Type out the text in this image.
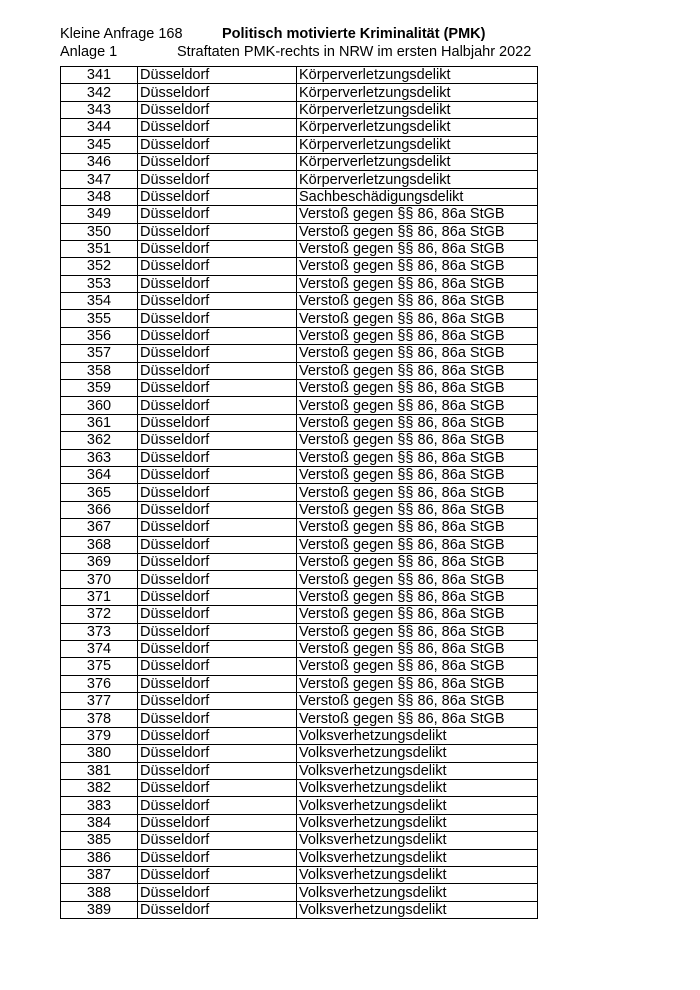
Kleine Anfrage 168
Anlage 1
Politisch motivierte Kriminalität (PMK)
Straftaten PMK-rechts in NRW im ersten Halbjahr 2022
341	Düsseldorf	Körperverletzungsdelikt
342	Düsseldorf	Körperverletzungsdelikt
343	Düsseldorf	Körperverletzungsdelikt
344	Düsseldorf	Körperverletzungsdelikt
345	Düsseldorf	Körperverletzungsdelikt
346	Düsseldorf	Körperverletzungsdelikt
347	Düsseldorf	Körperverletzungsdelikt
348	Düsseldorf	Sachbeschädigungsdelikt
349	Düsseldorf	Verstoß gegen §§ 86, 86a StGB
350	Düsseldorf	Verstoß gegen §§ 86, 86a StGB
351	Düsseldorf	Verstoß gegen §§ 86, 86a StGB
352	Düsseldorf	Verstoß gegen §§ 86, 86a StGB
353	Düsseldorf	Verstoß gegen §§ 86, 86a StGB
354	Düsseldorf	Verstoß gegen §§ 86, 86a StGB
355	Düsseldorf	Verstoß gegen §§ 86, 86a StGB
356	Düsseldorf	Verstoß gegen §§ 86, 86a StGB
357	Düsseldorf	Verstoß gegen §§ 86, 86a StGB
358	Düsseldorf	Verstoß gegen §§ 86, 86a StGB
359	Düsseldorf	Verstoß gegen §§ 86, 86a StGB
360	Düsseldorf	Verstoß gegen §§ 86, 86a StGB
361	Düsseldorf	Verstoß gegen §§ 86, 86a StGB
362	Düsseldorf	Verstoß gegen §§ 86, 86a StGB
363	Düsseldorf	Verstoß gegen §§ 86, 86a StGB
364	Düsseldorf	Verstoß gegen §§ 86, 86a StGB
365	Düsseldorf	Verstoß gegen §§ 86, 86a StGB
366	Düsseldorf	Verstoß gegen §§ 86, 86a StGB
367	Düsseldorf	Verstoß gegen §§ 86, 86a StGB
368	Düsseldorf	Verstoß gegen §§ 86, 86a StGB
369	Düsseldorf	Verstoß gegen §§ 86, 86a StGB
370	Düsseldorf	Verstoß gegen §§ 86, 86a StGB
371	Düsseldorf	Verstoß gegen §§ 86, 86a StGB
372	Düsseldorf	Verstoß gegen §§ 86, 86a StGB
373	Düsseldorf	Verstoß gegen §§ 86, 86a StGB
374	Düsseldorf	Verstoß gegen §§ 86, 86a StGB
375	Düsseldorf	Verstoß gegen §§ 86, 86a StGB
376	Düsseldorf	Verstoß gegen §§ 86, 86a StGB
377	Düsseldorf	Verstoß gegen §§ 86, 86a StGB
378	Düsseldorf	Verstoß gegen §§ 86, 86a StGB
379	Düsseldorf	Volksverhetzungsdelikt
380	Düsseldorf	Volksverhetzungsdelikt
381	Düsseldorf	Volksverhetzungsdelikt
382	Düsseldorf	Volksverhetzungsdelikt
383	Düsseldorf	Volksverhetzungsdelikt
384	Düsseldorf	Volksverhetzungsdelikt
385	Düsseldorf	Volksverhetzungsdelikt
386	Düsseldorf	Volksverhetzungsdelikt
387	Düsseldorf	Volksverhetzungsdelikt
388	Düsseldorf	Volksverhetzungsdelikt
389	Düsseldorf	Volksverhetzungsdelikt
